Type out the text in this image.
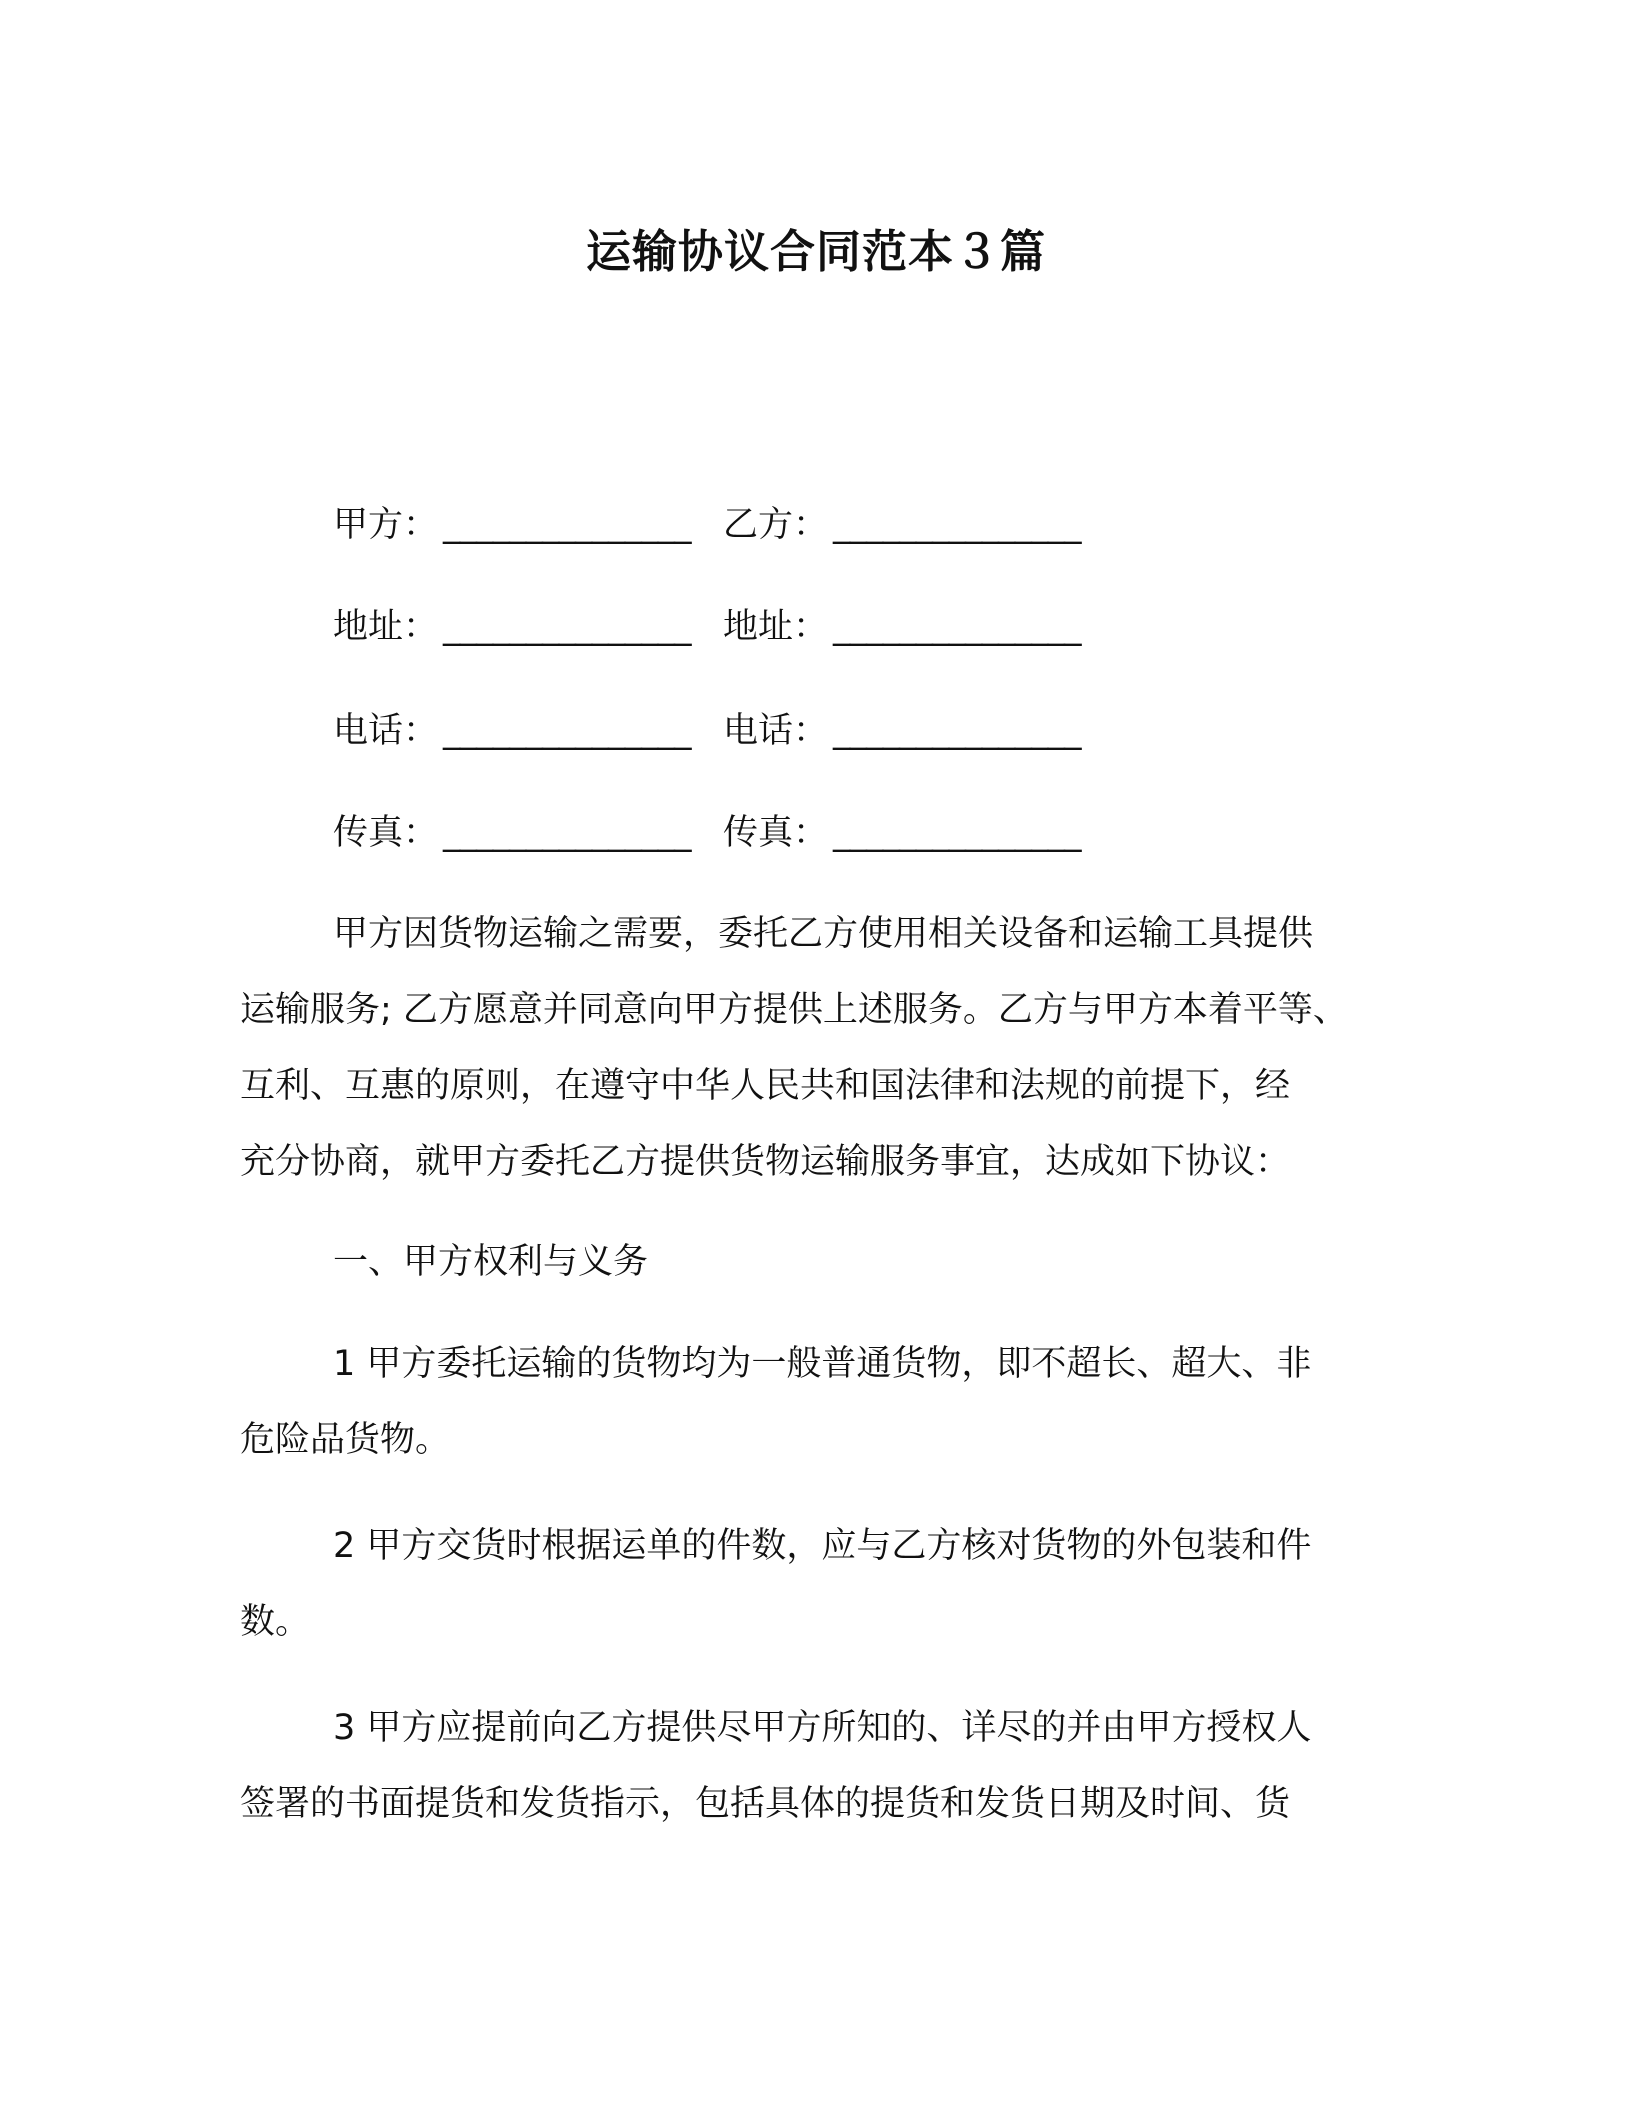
运输协议合同范本３篇
甲方： _______________ 乙方： _______________
地址： _______________ 地址： _______________
电话： _______________ 电话： _______________
传真： _______________ 传真： _______________
甲方因货物运输之需要，委托乙方使用相关设备和运输工具提供
运输服务; 乙方愿意并同意向甲方提供上述服务。乙方与甲方本着平等、
互利、互惠的原则，在遵守中华人民共和国法律和法规的前提下，经
充分协商，就甲方委托乙方提供货物运输服务事宜，达成如下协议：
一、甲方权利与义务
1 甲方委托运输的货物均为一般普通货物，即不超长、超大、非
危险品货物。
2 甲方交货时根据运单的件数，应与乙方核对货物的外包装和件
数。
3 甲方应提前向乙方提供尽甲方所知的、详尽的并由甲方授权人
签署的书面提货和发货指示，包括具体的提货和发货日期及时间、货
